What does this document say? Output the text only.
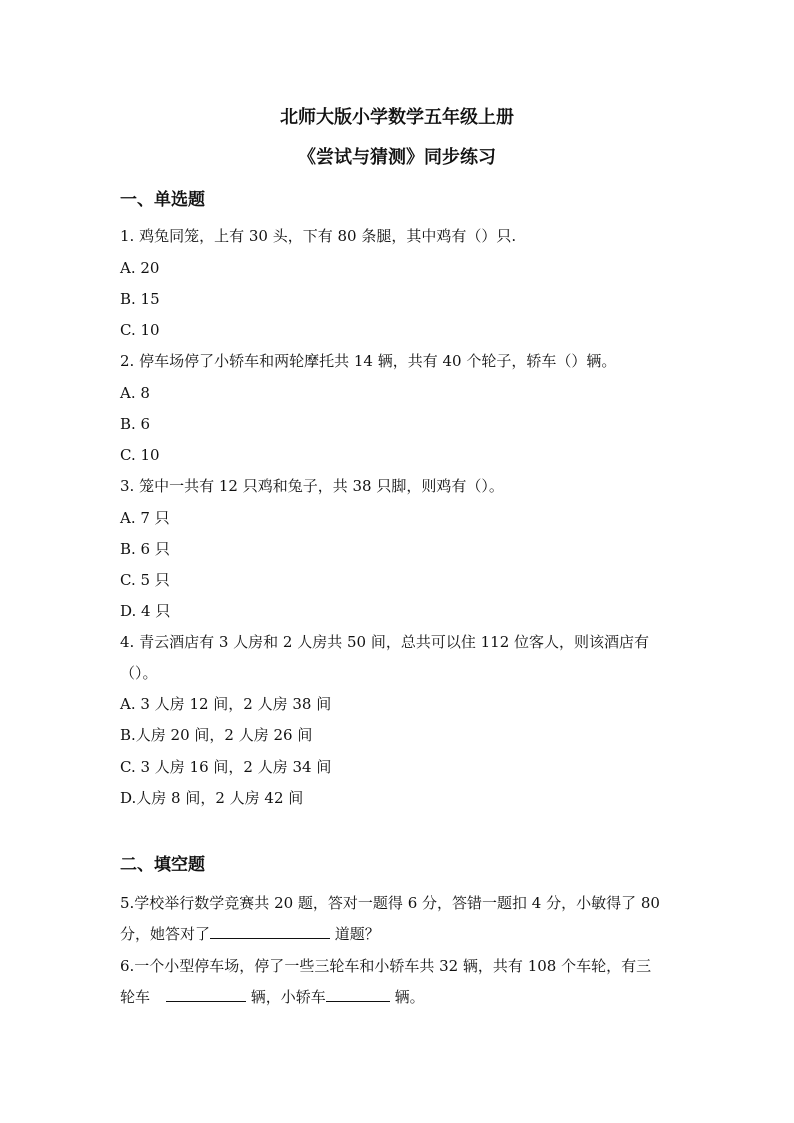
北师大版小学数学五年级上册
《尝试与猜测》同步练习
一、单选题
1. 鸡兔同笼，上有 30 头，下有 80 条腿，其中鸡有（）只.
A. 20
B. 15
C. 10
2. 停车场停了小轿车和两轮摩托共 14 辆，共有 40 个轮子，轿车（）辆。
A. 8
B. 6
C. 10
3. 笼中一共有 12 只鸡和兔子，共 38 只脚，则鸡有（）。
A. 7 只
B. 6 只
C. 5 只
D. 4 只
4. 青云酒店有 3 人房和 2 人房共 50 间，总共可以住 112 位客人，则该酒店有
（）。
A. 3 人房 12 间，2 人房 38 间
B.人房 20 间，2 人房 26 间
C. 3 人房 16 间，2 人房 34 间
D.人房 8 间，2 人房 42 间
二、填空题
5.学校举行数学竞赛共 20 题，答对一题得 6 分，答错一题扣 4 分，小敏得了 80
分，她答对了	道题？
6.一个小型停车场，停了一些三轮车和小轿车共 32 辆，共有 108 个车轮，有三
轮车	辆，小轿车	辆。
